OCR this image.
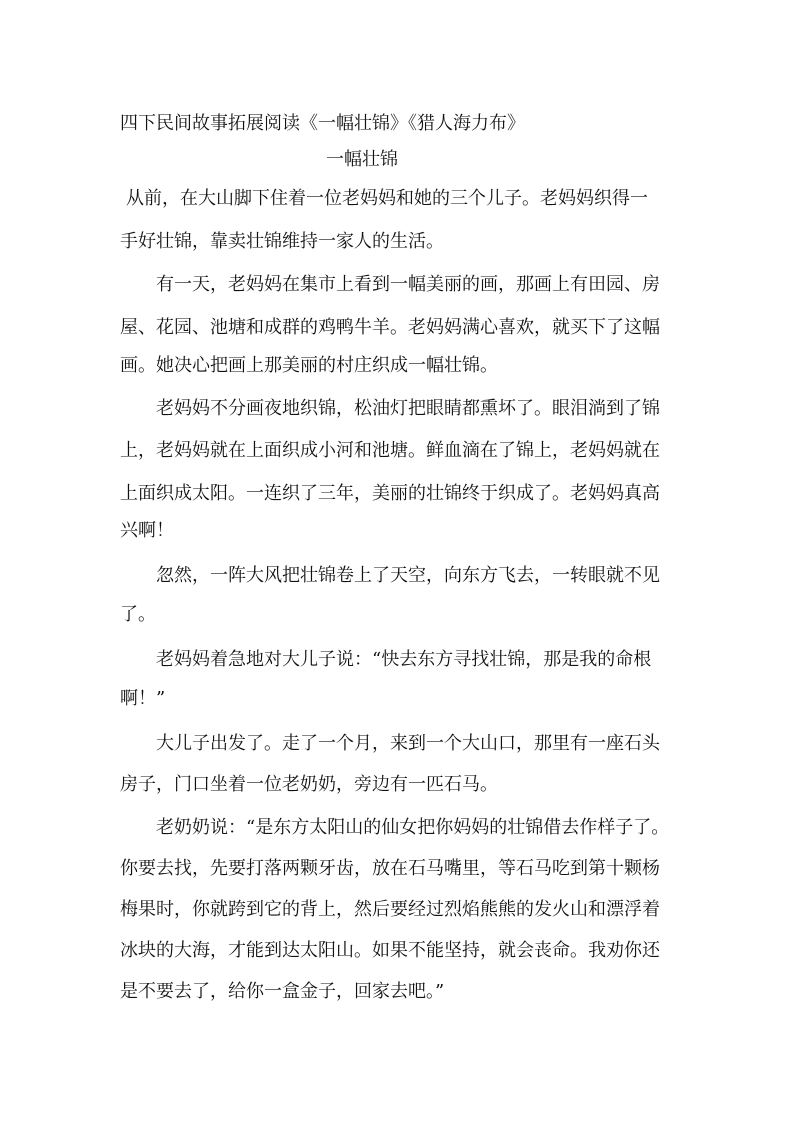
四下民间故事拓展阅读《一幅壮锦》《猎人海力布》
一幅壮锦
从前，在大山脚下住着一位老妈妈和她的三个儿子。老妈妈织得一
手好壮锦，靠卖壮锦维持一家人的生活。
有一天，老妈妈在集市上看到一幅美丽的画，那画上有田园、房
屋、花园、池塘和成群的鸡鸭牛羊。老妈妈满心喜欢，就买下了这幅
画。她决心把画上那美丽的村庄织成一幅壮锦。
老妈妈不分画夜地织锦，松油灯把眼睛都熏坏了。眼泪淌到了锦
上，老妈妈就在上面织成小河和池塘。鲜血滴在了锦上，老妈妈就在
上面织成太阳。一连织了三年，美丽的壮锦终于织成了。老妈妈真高
兴啊！
忽然，一阵大风把壮锦卷上了天空，向东方飞去，一转眼就不见
了。
老妈妈着急地对大儿子说：“快去东方寻找壮锦，那是我的命根
啊！”
大儿子出发了。走了一个月，来到一个大山口，那里有一座石头
房子，门口坐着一位老奶奶，旁边有一匹石马。
老奶奶说：“是东方太阳山的仙女把你妈妈的壮锦借去作样子了。
你要去找，先要打落两颗牙齿，放在石马嘴里，等石马吃到第十颗杨
梅果时，你就跨到它的背上，然后要经过烈焰熊熊的发火山和漂浮着
冰块的大海，才能到达太阳山。如果不能坚持，就会丧命。我劝你还
是不要去了，给你一盒金子，回家去吧。”
